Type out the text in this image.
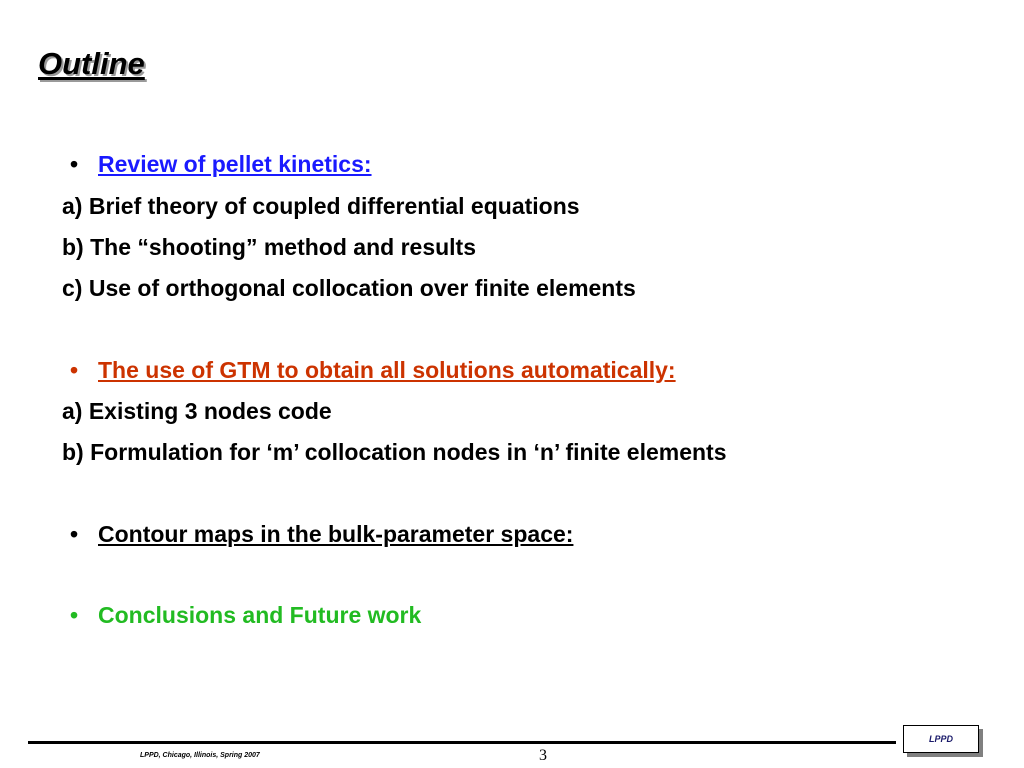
Outline
• Review of pellet kinetics:
a) Brief theory of coupled differential equations
b) The “shooting” method and results
c) Use of orthogonal collocation over finite elements
• The use of GTM to obtain all solutions automatically:
a) Existing 3 nodes code
b) Formulation for ‘m’ collocation nodes in ‘n’ finite elements
• Contour maps in the bulk-parameter space:
• Conclusions and Future work
LPPD, Chicago, Illinois, Spring 2007	3
LPPD
